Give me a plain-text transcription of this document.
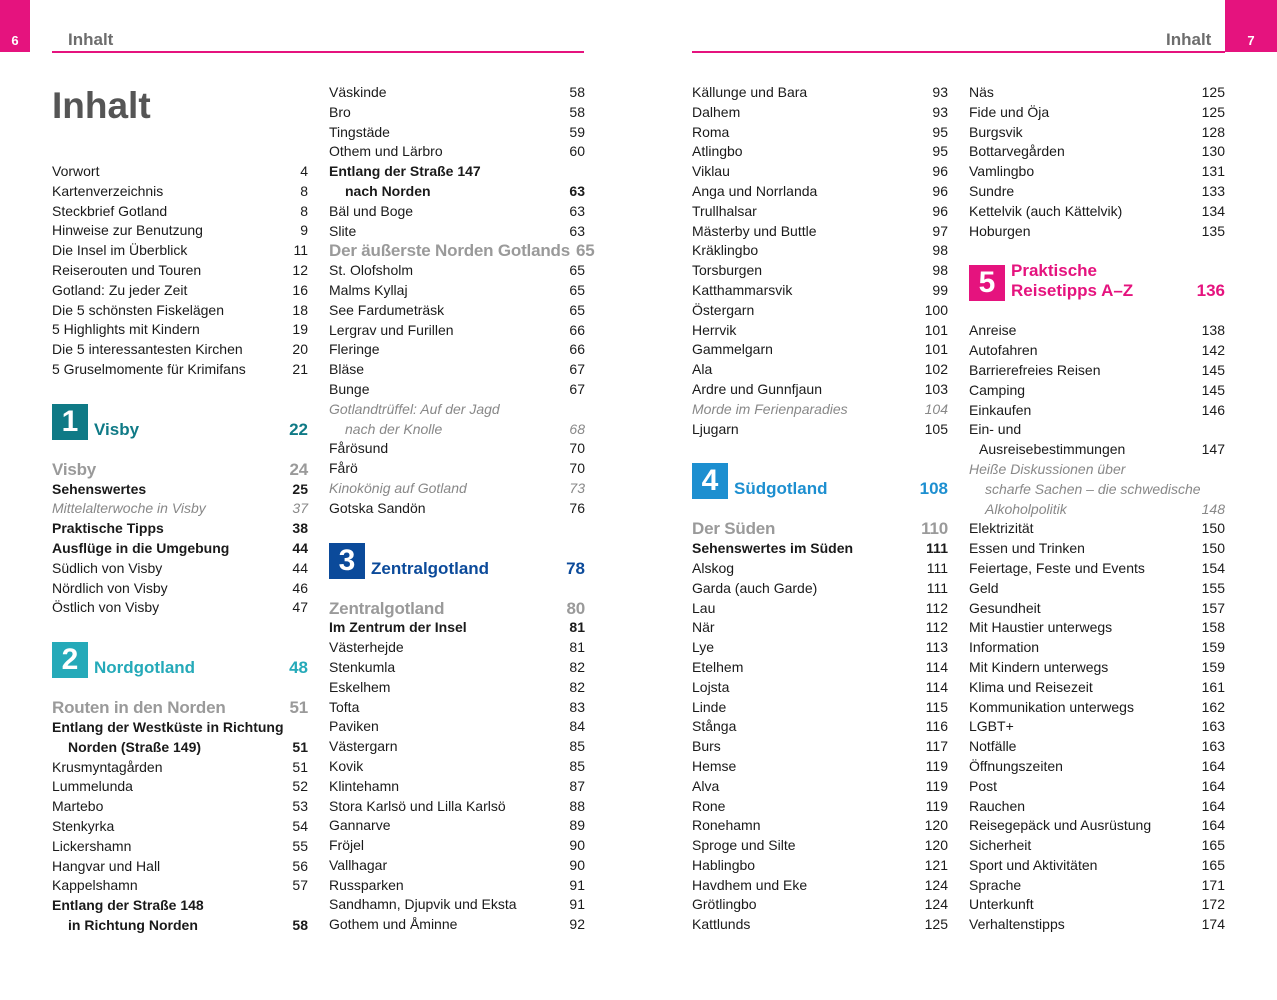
6	Inhalt
Inhalt
Vorwort	4
Kartenverzeichnis	8
Steckbrief Gotland	8
Hinweise zur Benutzung	9
Die Insel im Überblick	11
Reiserouten und Touren	12
Gotland: Zu jeder Zeit	16
Die 5 schönsten Fiskelägen	18
5 Highlights mit Kindern	19
Die 5 interessantesten Kirchen	20
5 Gruselmomente für Krimifans	21
1 Visby	22
Visby	24
Sehenswertes	25
Mittelalterwoche in Visby	37
Praktische Tipps	38
Ausflüge in die Umgebung	44
Südlich von Visby	44
Nördlich von Visby	46
Östlich von Visby	47
2 Nordgotland	48
Routen in den Norden	51
Entlang der Westküste in Richtung
Norden (Straße 149)	51
Krusmyntagården	51
Lummelunda	52
Martebo	53
Stenkyrka	54
Lickershamn	55
Hangvar und Hall	56
Kappelshamn	57
Entlang der Straße 148
in Richtung Norden	58
Väskinde	58
Bro	58
Tingstäde	59
Othem und Lärbro	60
Entlang der Straße 147
nach Norden	63
Bäl und Boge	63
Slite	63
Der äußerste Norden Gotlands 65
St. Olofsholm	65
Malms Kyllaj	65
See Fardumeträsk	65
Lergrav und Furillen	66
Fleringe	66
Bläse	67
Bunge	67
Gotlandtrüffel: Auf der Jagd
nach der Knolle	68
Fårösund	70
Fårö	70
Kinokönig auf Gotland	73
Gotska Sandön	76
3 Zentralgotland	78
Zentralgotland	80
Im Zentrum der Insel	81
Västerhejde	81
Stenkumla	82
Eskelhem	82
Tofta	83
Paviken	84
Västergarn	85
Kovik	85
Klintehamn	87
Stora Karlsö und Lilla Karlsö	88
Gannarve	89
Fröjel	90
Vallhagar	90
Russparken	91
Sandhamn, Djupvik und Eksta	91
Gothem und Åminne	92
Inhalt	7
Källunge und Bara	93
Dalhem	93
Roma	95
Atlingbo	95
Viklau	96
Anga und Norrlanda	96
Trullhalsar	96
Mästerby und Buttle	97
Kräklingbo	98
Torsburgen	98
Katthammarsvik	99
Östergarn	100
Herrvik	101
Gammelgarn	101
Ala	102
Ardre und Gunnfjaun	103
Morde im Ferienparadies	104
Ljugarn	105
4 Südgotland	108
Der Süden	110
Sehenswertes im Süden	111
Alskog	111
Garda (auch Garde)	111
Lau	112
När	112
Lye	113
Etelhem	114
Lojsta	114
Linde	115
Stånga	116
Burs	117
Hemse	119
Alva	119
Rone	119
Ronehamn	120
Sproge und Silte	120
Hablingbo	121
Havdhem und Eke	124
Grötlingbo	124
Kattlunds	125
Näs	125
Fide und Öja	125
Burgsvik	128
Bottarvegården	130
Vamlingbo	131
Sundre	133
Kettelvik (auch Kättelvik)	134
Hoburgen	135
5 Praktische
Reisetipps A–Z	136
Anreise	138
Autofahren	142
Barrierefreies Reisen	145
Camping	145
Einkaufen	146
Ein- und
Ausreisebestimmungen	147
Heiße Diskussionen über
scharfe Sachen – die schwedische
Alkoholpolitik	148
Elektrizität	150
Essen und Trinken	150
Feiertage, Feste und Events	154
Geld	155
Gesundheit	157
Mit Haustier unterwegs	158
Information	159
Mit Kindern unterwegs	159
Klima und Reisezeit	161
Kommunikation unterwegs	162
LGBT+	163
Notfälle	163
Öffnungszeiten	164
Post	164
Rauchen	164
Reisegepäck und Ausrüstung	164
Sicherheit	165
Sport und Aktivitäten	165
Sprache	171
Unterkunft	172
Verhaltenstipps	174
